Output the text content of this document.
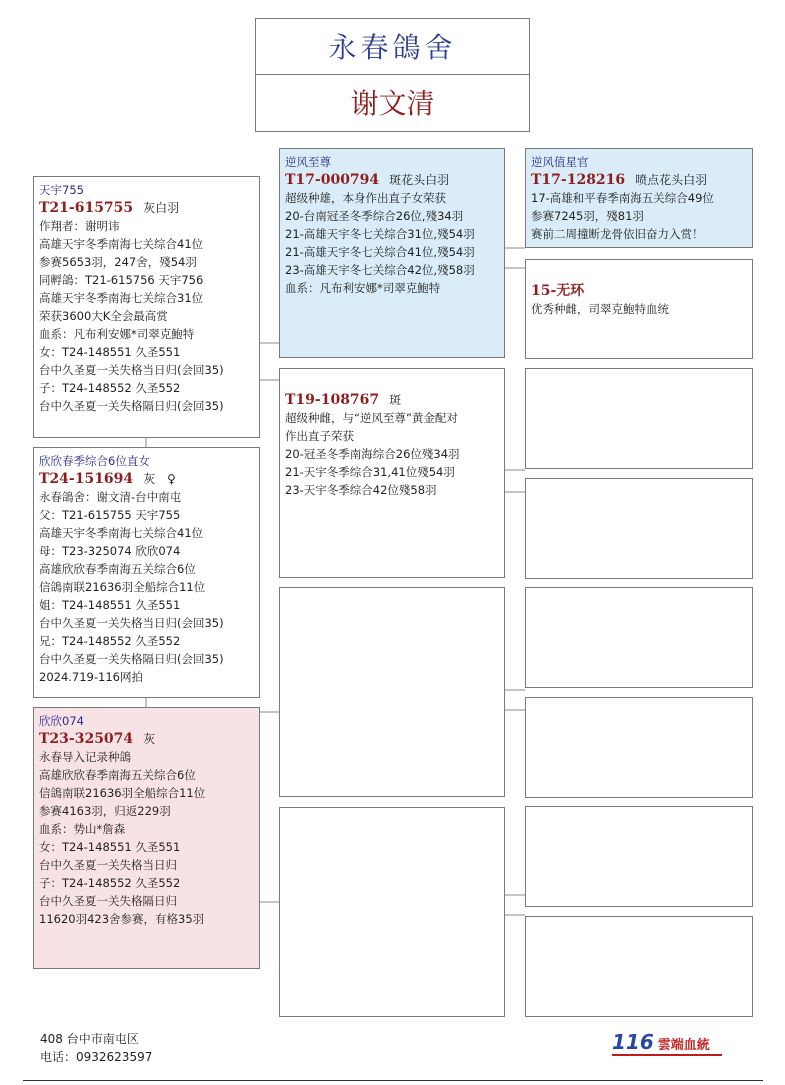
永春鴿舍
谢文清
天宇755
T21-615755 灰白羽
作翔者：谢明讳
高雄天宇冬季南海七关综合41位
参赛5653羽，247舍，殘54羽
同孵鴿：T21-615756 天宇756
高雄天宇冬季南海七关综合31位
荣获3600大K全会最高赏
血系：凡布利安娜*司翠克鮑特
女：T24-148551 久圣551
台中久圣夏一关失格当日归(会回35)
子：T24-148552 久圣552
台中久圣夏一关失格隔日归(会回35)
欣欣春季综合6位直女
T24-151694 灰　♀
永春鴿舍：谢文清-台中南屯
父：T21-615755 天宇755
高雄天宇冬季南海七关综合41位
母：T23-325074 欣欣074
高雄欣欣春季南海五关综合6位
信鴿南联21636羽全船综合11位
姐：T24-148551 久圣551
台中久圣夏一关失格当日归(会回35)
兄：T24-148552 久圣552
台中久圣夏一关失格隔日归(会回35)
2024.719-116网拍
欣欣074
T23-325074 灰
永春导入记录种鴿
高雄欣欣春季南海五关综合6位
信鴿南联21636羽全船综合11位
参赛4163羽，归返229羽
血系：势山*詹森
女：T24-148551 久圣551
台中久圣夏一关失格当日归
子：T24-148552 久圣552
台中久圣夏一关失格隔日归
11620羽423舍参赛，有格35羽
逆风至尊
T17-000794 斑花头白羽
超级种雄，本身作出直子女荣获
20-台南冠圣冬季综合26位,殘34羽
21-高雄天宇冬七关综合31位,殘54羽
21-高雄天宇冬七关综合41位,殘54羽
23-高雄天宇冬七关综合42位,殘58羽
血系：凡布利安娜*司翠克鮑特
T19-108767 斑
超级种雌，与“逆风至尊”黄金配对
作出直子荣获
20-冠圣冬季南海综合26位殘34羽
21-天宇冬季综合31,41位殘54羽
23-天宇冬季综合42位殘58羽
逆风值星官
T17-128216 喷点花头白羽
17-高雄和平春季南海五关综合49位
参赛7245羽，殘81羽
赛前二周撞断龙骨依旧奋力入赏！
15-无环
优秀种雌，司翠克鮑特血统
408 台中市南屯区
电话：0932623597
116 雲端血統
